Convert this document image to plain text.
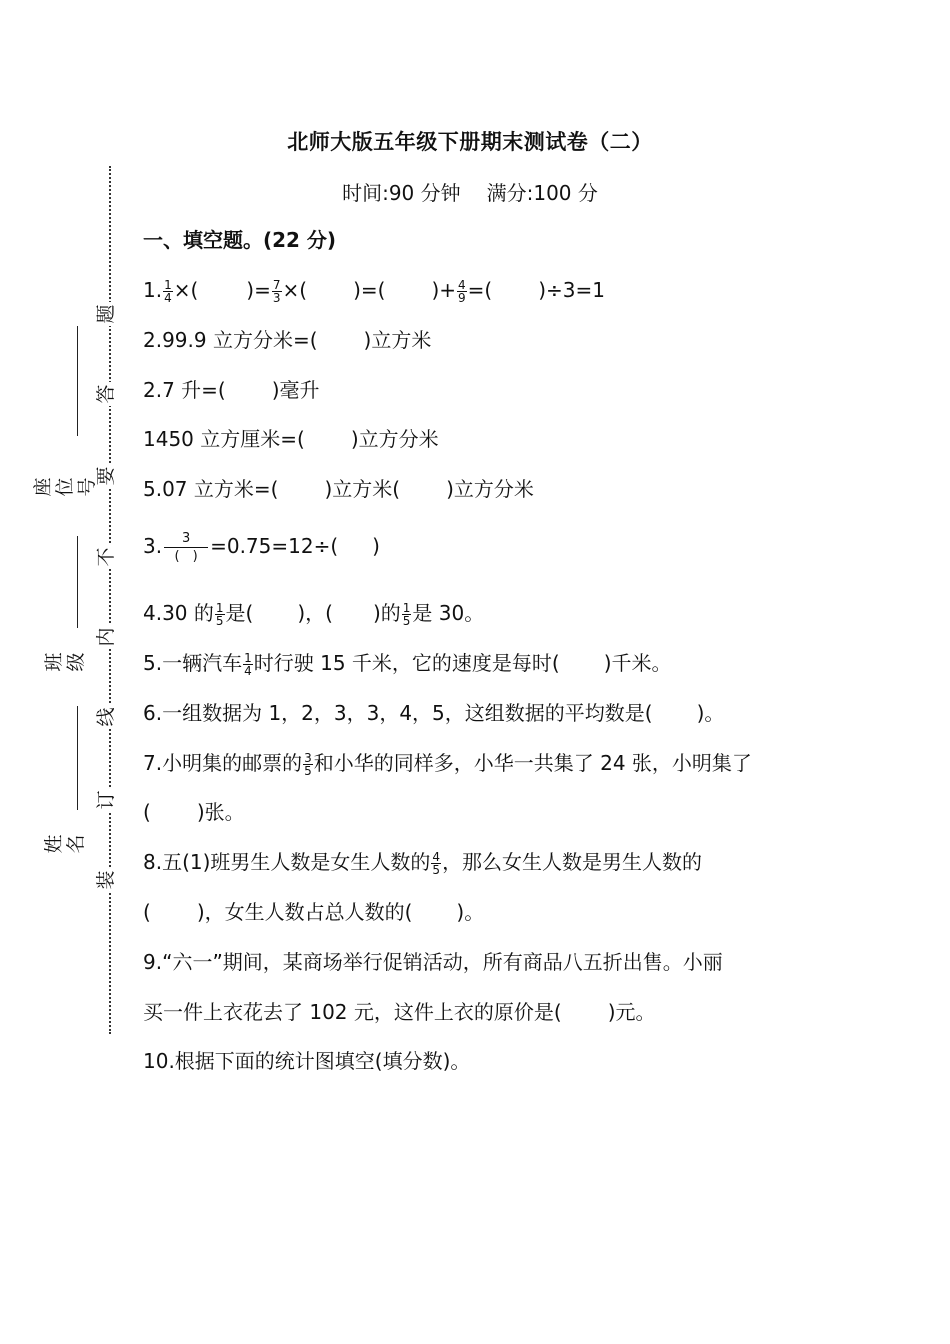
题
答
要
不
内
线
订
装
座位号
班级
姓名
北师大版五年级下册期末测试卷（二）
时间:90 分钟 满分:100 分
一、填空题。(22 分)
1. $\frac{1}{4}$ ×( )= $\frac{7}{3}$ ×( )=( )+ $\frac{4}{9}$ =( )÷3=1
2.99.9 立方分米=( )立方米
2.7 升=( )毫升
1450 立方厘米=( )立方分米
5.07 立方米=( )立方米( )立方分米
3. $\frac{3}{( )} =0.75=12\div$( )
4.30 的 $\frac{1}{5}$ 是( )，( )的 $\frac{1}{5}$ 是 30。
5.一辆汽车 $\frac{1}{4}$ 时行驶 15 千米，它的速度是每时( )千米。
6.一组数据为 1，2，3，3，4，5，这组数据的平均数是( )。
7.小明集的邮票的 $\frac{3}{5}$ 和小华的同样多，小华一共集了 24 张，小明集了
( )张。
8.五(1)班男生人数是女生人数的 $\frac{4}{5}$ ，那么女生人数是男生人数的
( )，女生人数占总人数的( )。
9.“六一”期间，某商场举行促销活动，所有商品八五折出售。小丽
买一件上衣花去了 102 元，这件上衣的原价是( )元。
10.根据下面的统计图填空(填分数)。
